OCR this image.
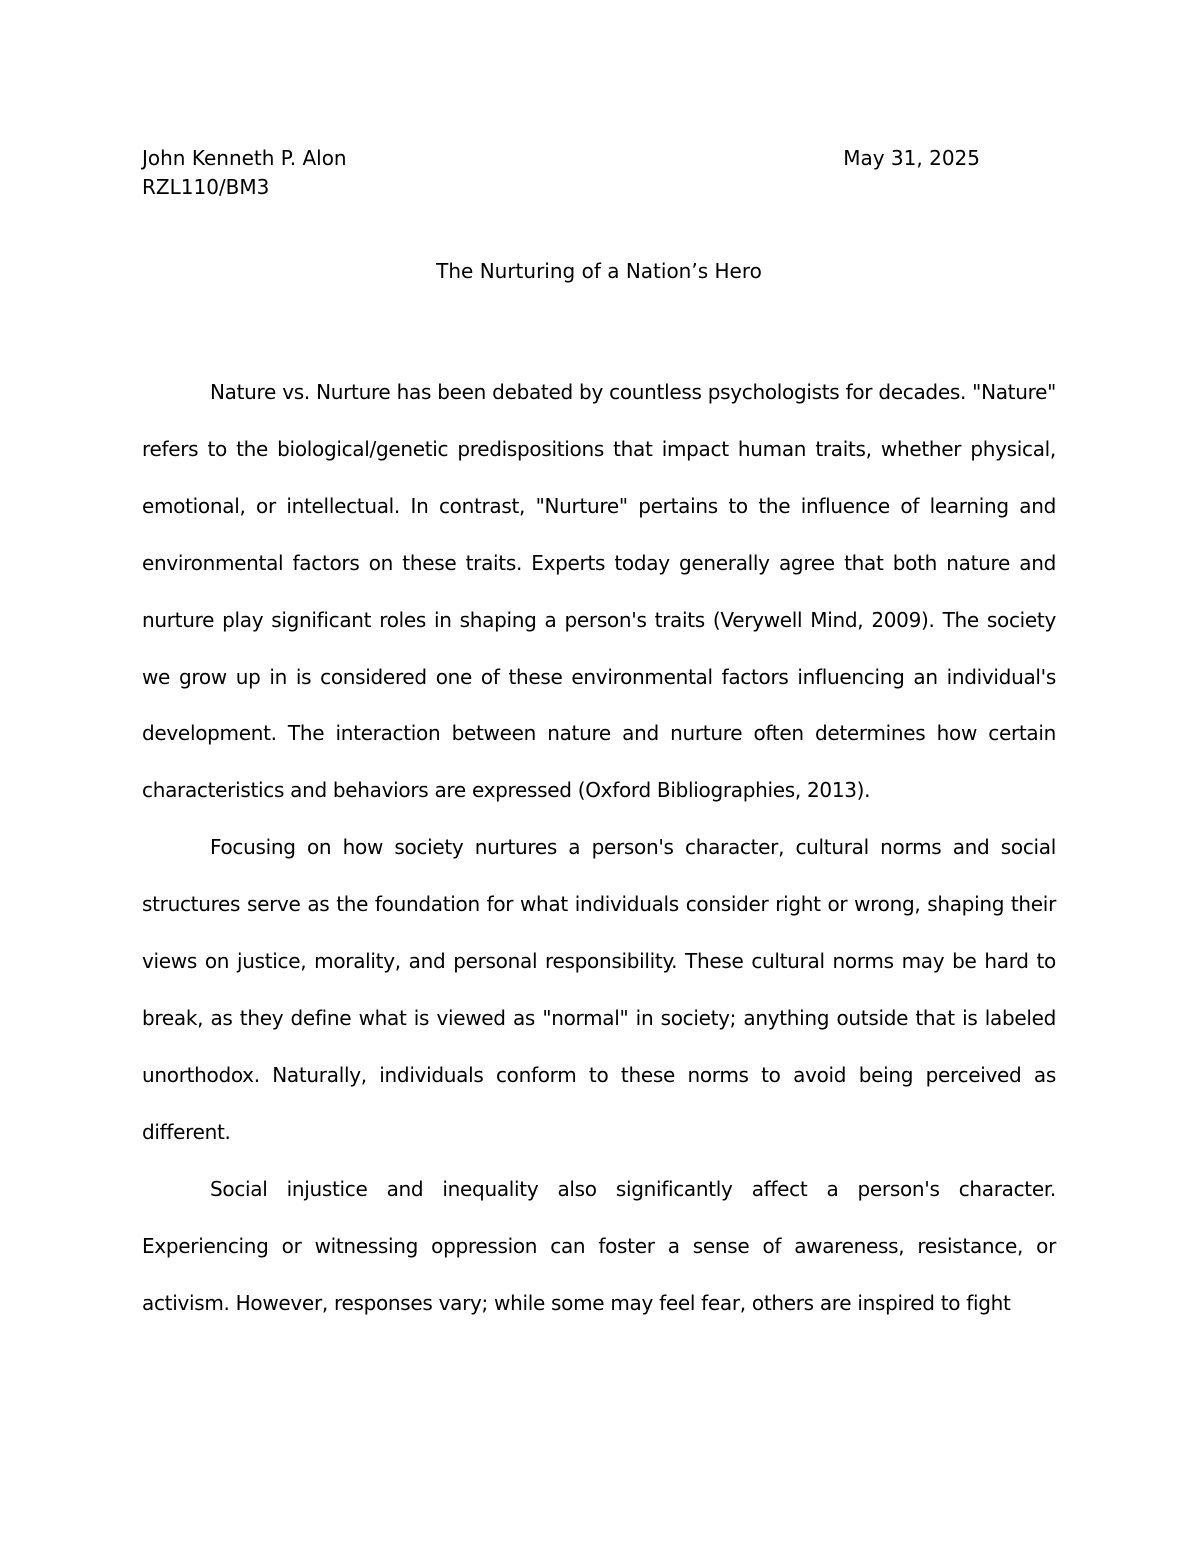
John Kenneth P. Alon	May 31, 2025
RZL110/BM3
The Nurturing of a Nation’s Hero

Nature vs. Nurture has been debated by countless psychologists for decades. "Nature" refers to the biological/genetic predispositions that impact human traits, whether physical, emotional, or intellectual. In contrast, "Nurture" pertains to the influence of learning and environmental factors on these traits. Experts today generally agree that both nature and nurture play significant roles in shaping a person's traits (Verywell Mind, 2009). The society we grow up in is considered one of these environmental factors influencing an individual's development. The interaction between nature and nurture often determines how certain characteristics and behaviors are expressed (Oxford Bibliographies, 2013).

Focusing on how society nurtures a person's character, cultural norms and social structures serve as the foundation for what individuals consider right or wrong, shaping their views on justice, morality, and personal responsibility. These cultural norms may be hard to break, as they define what is viewed as "normal" in society; anything outside that is labeled unorthodox. Naturally, individuals conform to these norms to avoid being perceived as different.

Social injustice and inequality also significantly affect a person's character. Experiencing or witnessing oppression can foster a sense of awareness, resistance, or activism. However, responses vary; while some may feel fear, others are inspired to fight
